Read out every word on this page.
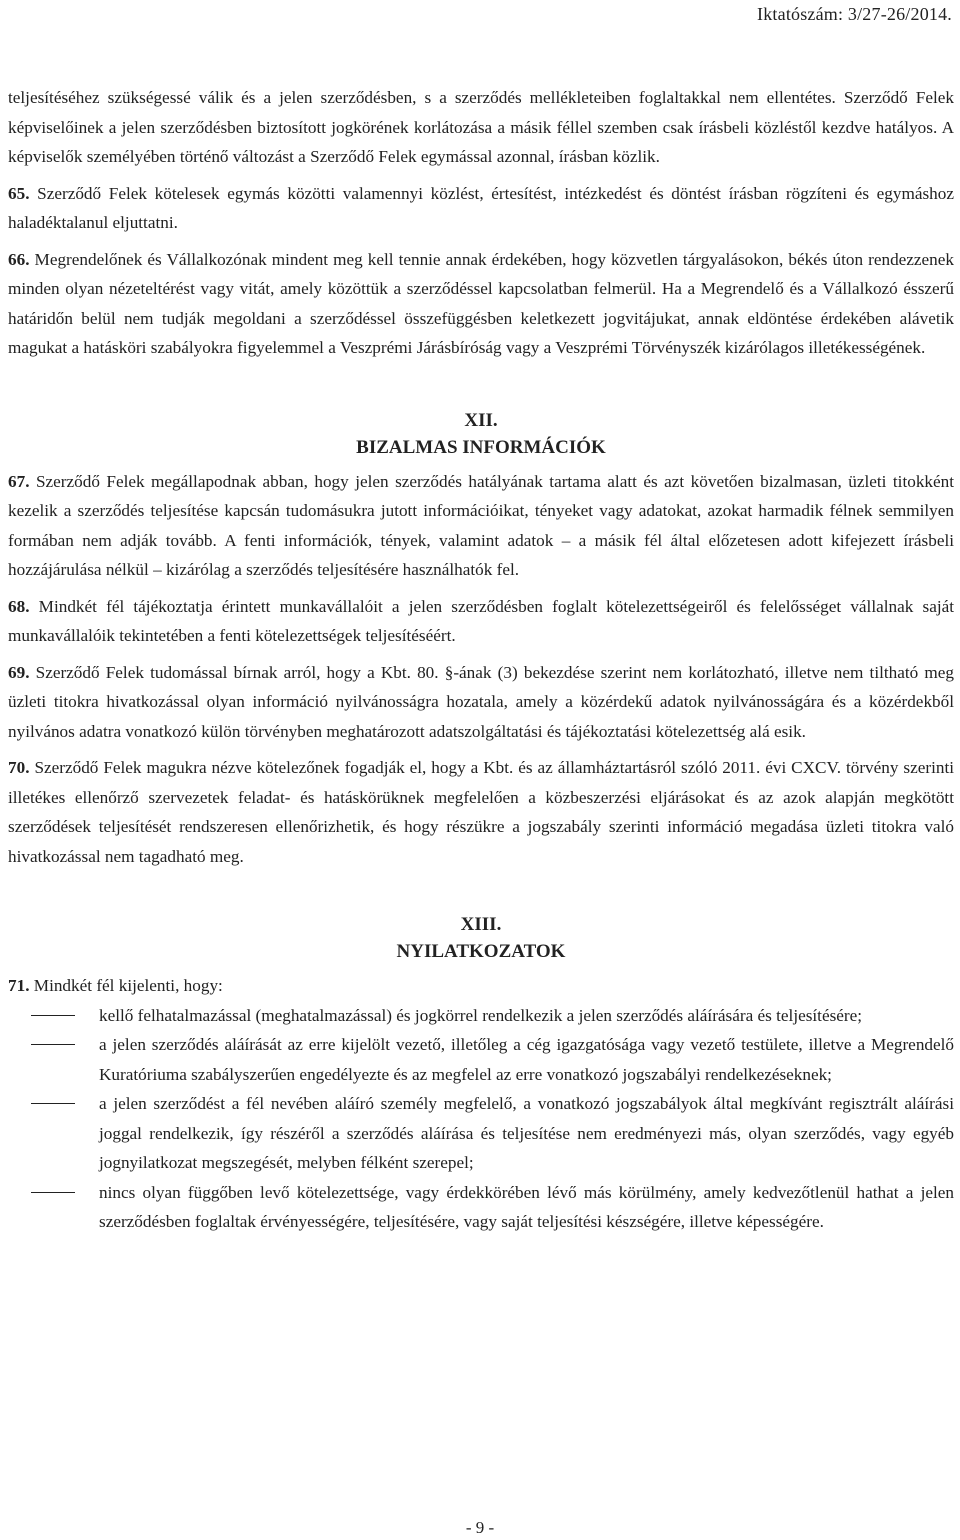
Iktatószám: 3/27-26/2014.

teljesítéséhez szükségessé válik és a jelen szerződésben, s a szerződés mellékleteiben foglaltakkal nem ellentétes. Szerződő Felek képviselőinek a jelen szerződésben biztosított jogkörének korlátozása a másik féllel szemben csak írásbeli közléstől kezdve hatályos. A képviselők személyében történő változást a Szerződő Felek egymással azonnal, írásban közlik.

65. Szerződő Felek kötelesek egymás közötti valamennyi közlést, értesítést, intézkedést és döntést írásban rögzíteni és egymáshoz haladéktalanul eljuttatni.

66. Megrendelőnek és Vállalkozónak mindent meg kell tennie annak érdekében, hogy közvetlen tárgyalásokon, békés úton rendezzenek minden olyan nézeteltérést vagy vitát, amely közöttük a szerződéssel kapcsolatban felmerül. Ha a Megrendelő és a Vállalkozó ésszerű határidőn belül nem tudják megoldani a szerződéssel összefüggésben keletkezett jogvitájukat, annak eldöntése érdekében alávetik magukat a hatásköri szabályokra figyelemmel a Veszprémi Járásbíróság vagy a Veszprémi Törvényszék kizárólagos illetékességének.

XII.

BIZALMAS INFORMÁCIÓK

67. Szerződő Felek megállapodnak abban, hogy jelen szerződés hatályának tartama alatt és azt követően bizalmasan, üzleti titokként kezelik a szerződés teljesítése kapcsán tudomásukra jutott információikat, tényeket vagy adatokat, azokat harmadik félnek semmilyen formában nem adják tovább. A fenti információk, tények, valamint adatok – a másik fél által előzetesen adott kifejezett írásbeli hozzájárulása nélkül – kizárólag a szerződés teljesítésére használhatók fel.

68. Mindkét fél tájékoztatja érintett munkavállalóit a jelen szerződésben foglalt kötelezettségeiről és felelősséget vállalnak saját munkavállalóik tekintetében a fenti kötelezettségek teljesítéséért.

69. Szerződő Felek tudomással bírnak arról, hogy a Kbt. 80. §-ának (3) bekezdése szerint nem korlátozható, illetve nem tiltható meg üzleti titokra hivatkozással olyan információ nyilvánosságra hozatala, amely a közérdekű adatok nyilvánosságára és a közérdekből nyilvános adatra vonatkozó külön törvényben meghatározott adatszolgáltatási és tájékoztatási kötelezettség alá esik.

70. Szerződő Felek magukra nézve kötelezőnek fogadják el, hogy a Kbt. és az államháztartásról szóló 2011. évi CXCV. törvény szerinti illetékes ellenőrző szervezetek feladat- és hatáskörüknek megfelelően a közbeszerzési eljárásokat és az azok alapján megkötött szerződések teljesítését rendszeresen ellenőrizhetik, és hogy részükre a jogszabály szerinti információ megadása üzleti titokra való hivatkozással nem tagadható meg.

XIII.

NYILATKOZATOK

71. Mindkét fél kijelenti, hogy:

kellő felhatalmazással (meghatalmazással) és jogkörrel rendelkezik a jelen szerződés aláírására és teljesítésére;
a jelen szerződés aláírását az erre kijelölt vezető, illetőleg a cég igazgatósága vagy vezető testülete, illetve a Megrendelő Kuratóriuma szabályszerűen engedélyezte és az megfelel az erre vonatkozó jogszabályi rendelkezéseknek;
a jelen szerződést a fél nevében aláíró személy megfelelő, a vonatkozó jogszabályok által megkívánt regisztrált aláírási joggal rendelkezik, így részéről a szerződés aláírása és teljesítése nem eredményezi más, olyan szerződés, vagy egyéb jognyilatkozat megszegését, melyben félként szerepel;
nincs olyan függőben levő kötelezettsége, vagy érdekkörében lévő más körülmény, amely kedvezőtlenül hathat a jelen szerződésben foglaltak érvényességére, teljesítésére, vagy saját teljesítési készségére, illetve képességére.
- 9 -
